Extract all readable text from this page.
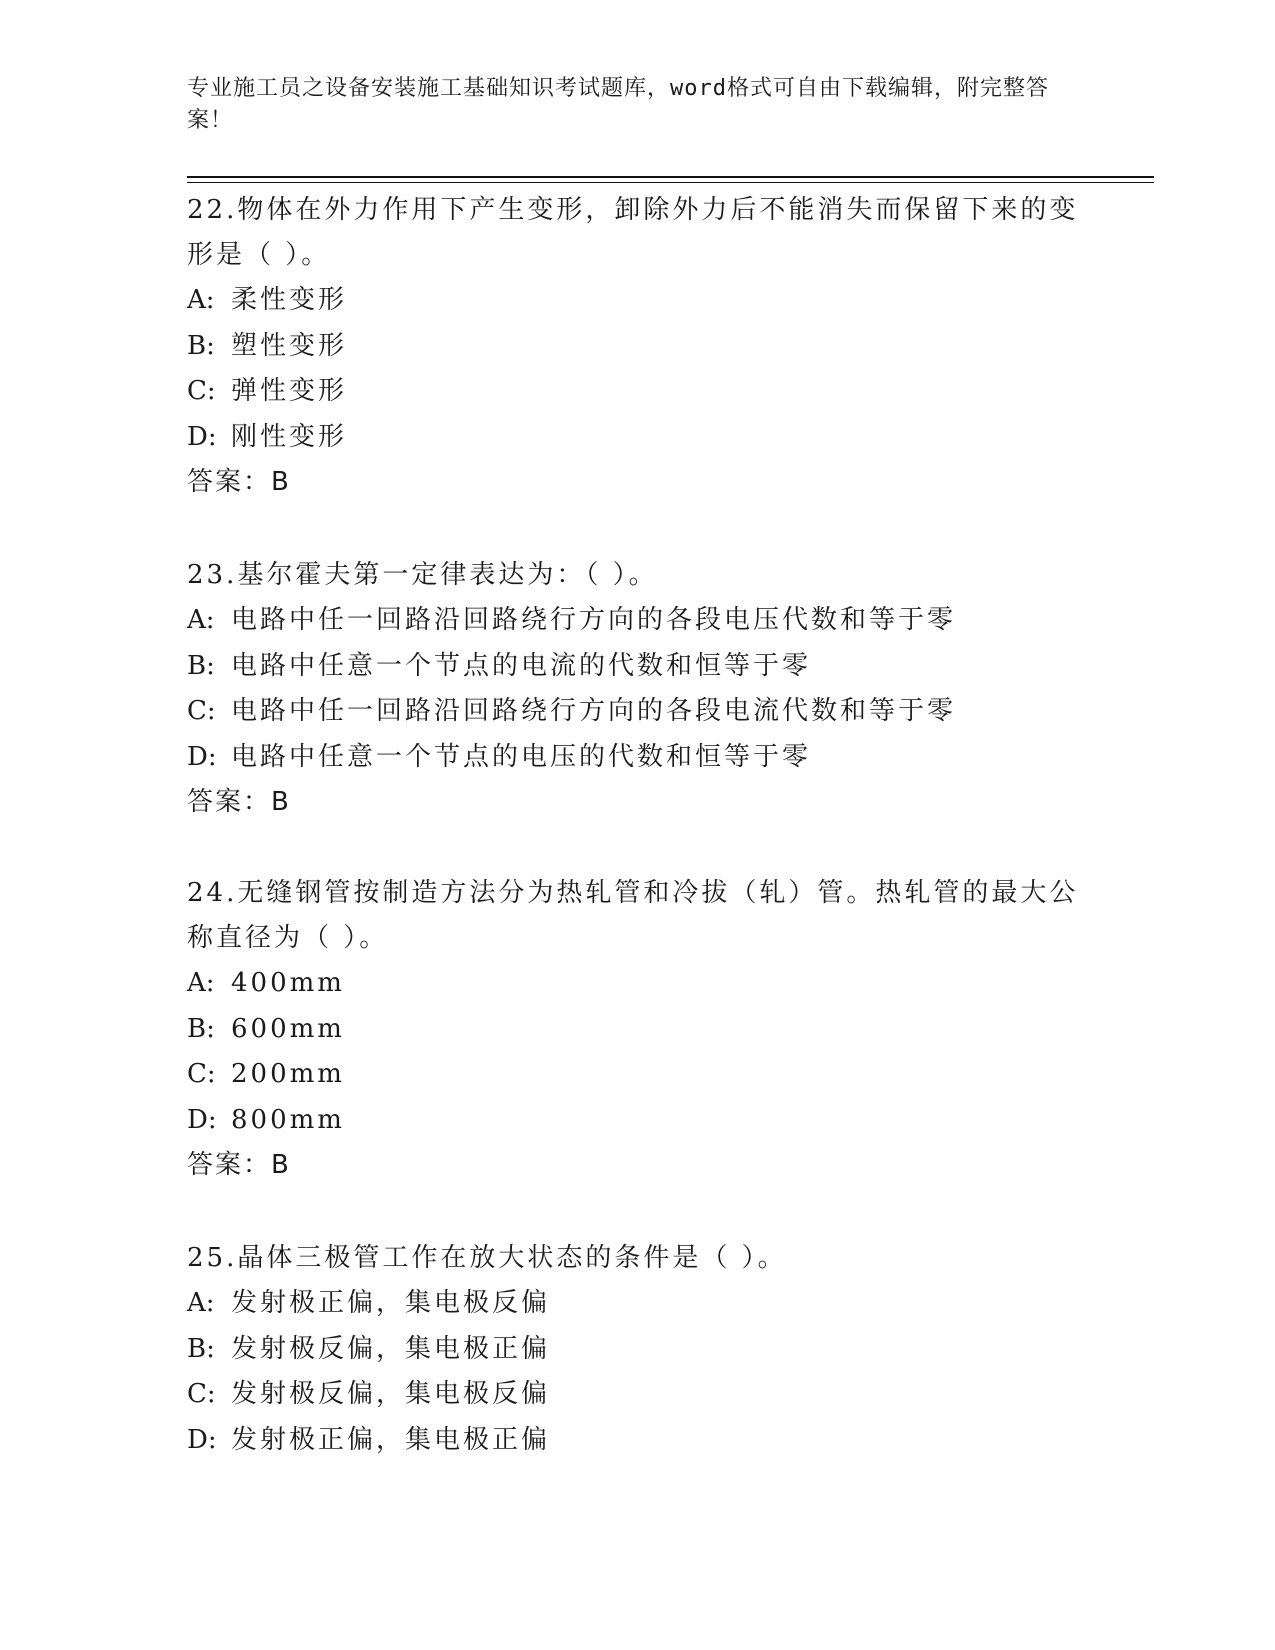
专业施工员之设备安装施工基础知识考试题库，word格式可自由下载编辑，附完整答案！

22.物体在外力作用下产生变形，卸除外力后不能消失而保留下来的变形是（ ）。

A: 柔性变形

B: 塑性变形

C: 弹性变形

D: 刚性变形

答案：B

23.基尔霍夫第一定律表达为：（ ）。

A: 电路中任一回路沿回路绕行方向的各段电压代数和等于零

B: 电路中任意一个节点的电流的代数和恒等于零

C: 电路中任一回路沿回路绕行方向的各段电流代数和等于零

D: 电路中任意一个节点的电压的代数和恒等于零

答案：B

24.无缝钢管按制造方法分为热轧管和冷拔（轧）管。热轧管的最大公称直径为（ ）。

A: 400mm

B: 600mm

C: 200mm

D: 800mm

答案：B

25.晶体三极管工作在放大状态的条件是（ ）。

A: 发射极正偏，集电极反偏

B: 发射极反偏，集电极正偏

C: 发射极反偏，集电极反偏

D: 发射极正偏，集电极正偏
